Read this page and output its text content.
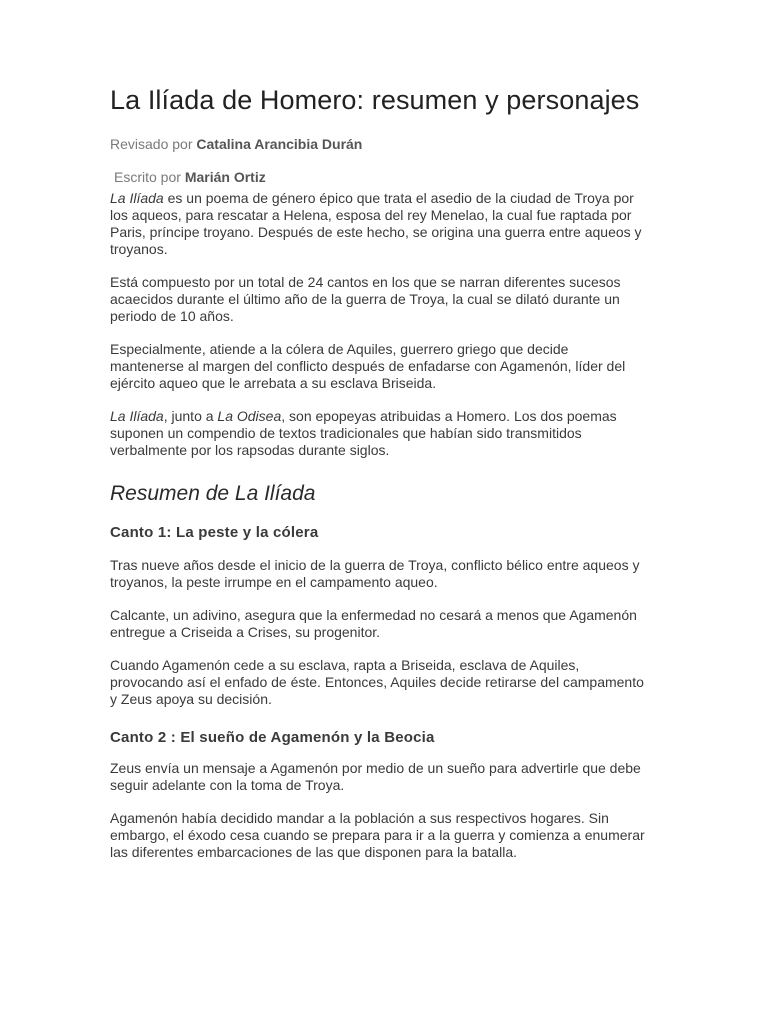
La Ilíada de Homero: resumen y personajes

Revisado por Catalina Arancibia Durán

Escrito por Marián Ortiz

La Ilíada es un poema de género épico que trata el asedio de la ciudad de Troya por los aqueos, para rescatar a Helena, esposa del rey Menelao, la cual fue raptada por Paris, príncipe troyano. Después de este hecho, se origina una guerra entre aqueos y troyanos.

Está compuesto por un total de 24 cantos en los que se narran diferentes sucesos acaecidos durante el último año de la guerra de Troya, la cual se dilató durante un periodo de 10 años.

Especialmente, atiende a la cólera de Aquiles, guerrero griego que decide mantenerse al margen del conflicto después de enfadarse con Agamenón, líder del ejército aqueo que le arrebata a su esclava Briseida.

La Ilíada, junto a La Odisea, son epopeyas atribuidas a Homero. Los dos poemas suponen un compendio de textos tradicionales que habían sido transmitidos verbalmente por los rapsodas durante siglos.

Resumen de La Ilíada
Canto 1: La peste y la cólera

Tras nueve años desde el inicio de la guerra de Troya, conflicto bélico entre aqueos y troyanos, la peste irrumpe en el campamento aqueo.

Calcante, un adivino, asegura que la enfermedad no cesará a menos que Agamenón entregue a Criseida a Crises, su progenitor.

Cuando Agamenón cede a su esclava, rapta a Briseida, esclava de Aquiles, provocando así el enfado de éste. Entonces, Aquiles decide retirarse del campamento y Zeus apoya su decisión.

Canto 2 : El sueño de Agamenón y la Beocia

Zeus envía un mensaje a Agamenón por medio de un sueño para advertirle que debe seguir adelante con la toma de Troya.

Agamenón había decidido mandar a la población a sus respectivos hogares. Sin embargo, el éxodo cesa cuando se prepara para ir a la guerra y comienza a enumerar las diferentes embarcaciones de las que disponen para la batalla.
